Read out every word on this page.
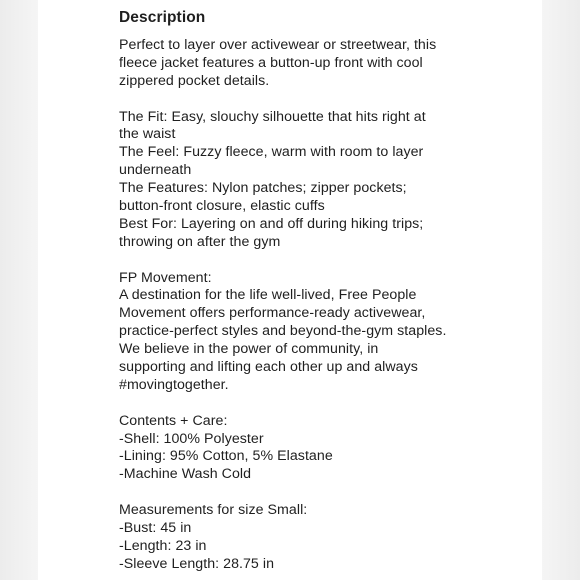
Description
Perfect to layer over activewear or streetwear, this
fleece jacket features a button-up front with cool
zippered pocket details.
The Fit: Easy, slouchy silhouette that hits right at
the waist
The Feel: Fuzzy fleece, warm with room to layer
underneath
The Features: Nylon patches; zipper pockets;
button-front closure, elastic cuffs
Best For: Layering on and off during hiking trips;
throwing on after the gym
FP Movement:
A destination for the life well-lived, Free People
Movement offers performance-ready activewear,
practice-perfect styles and beyond-the-gym staples.
We believe in the power of community, in
supporting and lifting each other up and always
#movingtogether.
Contents + Care:
-Shell: 100% Polyester
-Lining: 95% Cotton, 5% Elastane
-Machine Wash Cold
Measurements for size Small:
-Bust: 45 in
-Length: 23 in
-Sleeve Length: 28.75 in
